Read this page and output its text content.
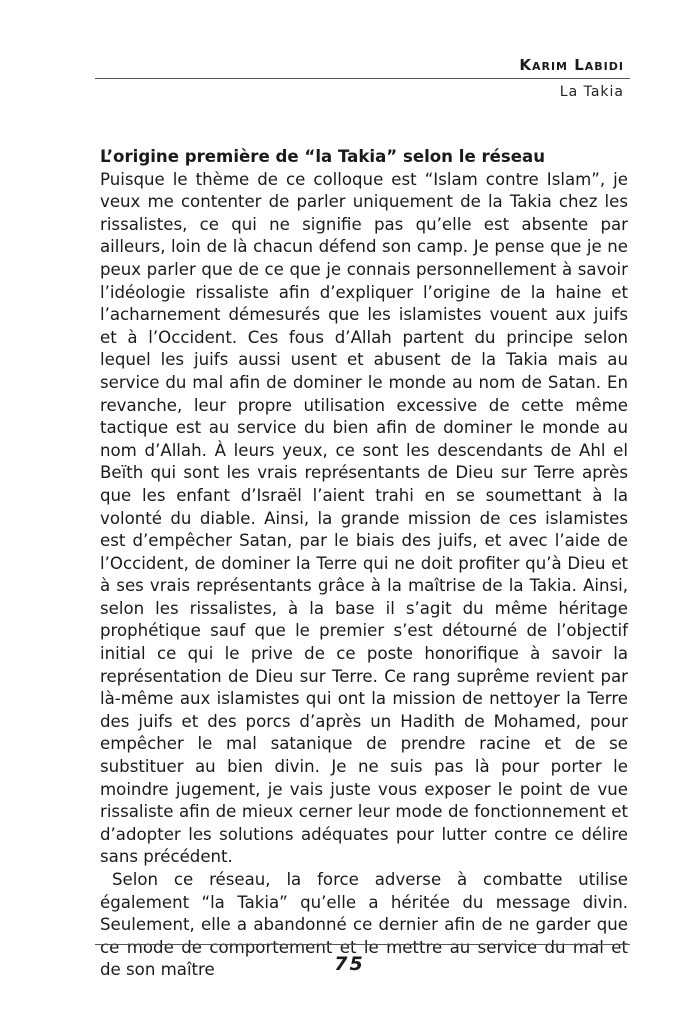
Karim Labidi
La Takia

L’origine première de “la Takia” selon le réseau

Puisque le thème de ce colloque est “Islam contre Islam”, je veux me contenter de parler uniquement de la Takia chez les rissalistes, ce qui ne signifie pas qu’elle est absente par ailleurs, loin de là chacun défend son camp. Je pense que je ne peux parler que de ce que je connais personnellement à savoir l’idéologie rissaliste afin d’expliquer l’origine de la haine et l’acharnement démesurés que les islamistes vouent aux juifs et à l’Occident. Ces fous d’Allah partent du principe selon lequel les juifs aussi usent et abusent de la Takia mais au service du mal afin de dominer le monde au nom de Satan. En revanche, leur propre utilisation excessive de cette même tactique est au service du bien afin de dominer le monde au nom d’Allah. À leurs yeux, ce sont les descendants de Ahl el Beïth qui sont les vrais représentants de Dieu sur Terre après que les enfant d’Israël l’aient trahi en se soumettant à la volonté du diable. Ainsi, la grande mission de ces islamistes est d’empêcher Satan, par le biais des juifs, et avec l’aide de l’Occident, de dominer la Terre qui ne doit profiter qu’à Dieu et à ses vrais représentants grâce à la maîtrise de la Takia. Ainsi, selon les rissalistes, à la base il s’agit du même héritage prophétique sauf que le premier s’est détourné de l’objectif initial ce qui le prive de ce poste honorifique à savoir la représentation de Dieu sur Terre. Ce rang suprême revient par là-même aux islamistes qui ont la mission de nettoyer la Terre des juifs et des porcs d’après un Hadith de Mohamed, pour empêcher le mal satanique de prendre racine et de se substituer au bien divin. Je ne suis pas là pour porter le moindre jugement, je vais juste vous exposer le point de vue rissaliste afin de mieux cerner leur mode de fonctionnement et d’adopter les solutions adéquates pour lutter contre ce délire sans précédent.

Selon ce réseau, la force adverse à combatte utilise également “la Takia” qu’elle a héritée du message divin. Seulement, elle a abandonné ce dernier afin de ne garder que ce mode de comportement et le mettre au service du mal et de son maître	75
